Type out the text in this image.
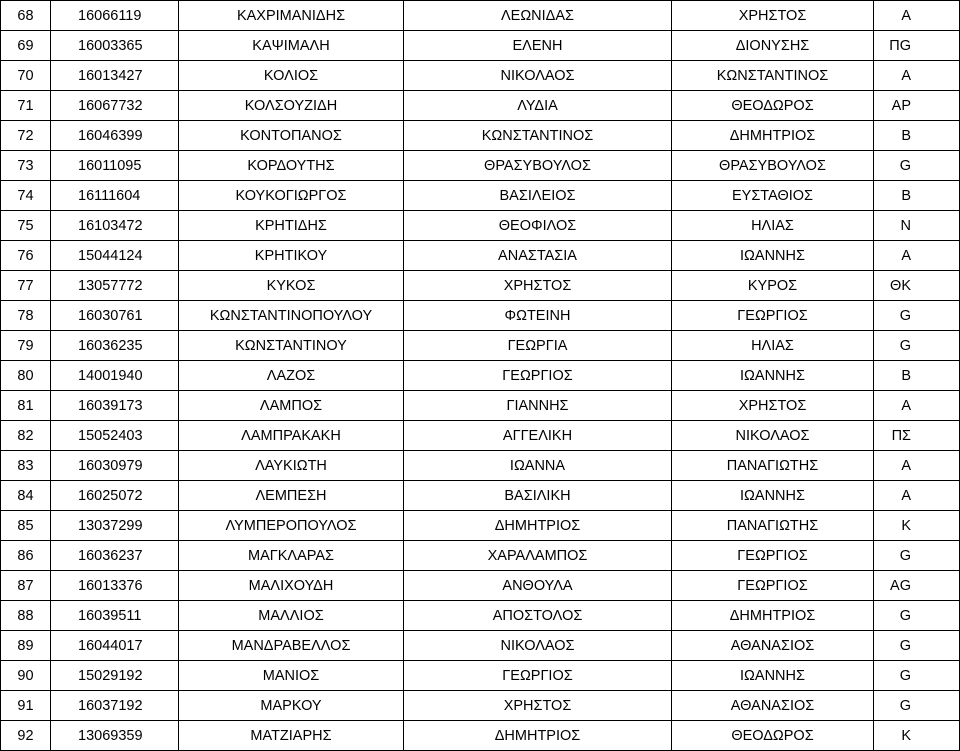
68	16066119	ΚΑΧΡΙΜΑΝΙΔΗΣ	ΛΕΩΝΙΔΑΣ	ΧΡΗΣΤΟΣ	A
69	16003365	ΚΑΨΙΜΑΛΗ	ΕΛΕΝΗ	ΔΙΟΝΥΣΗΣ	ΠG
70	16013427	ΚΟΛΙΟΣ	ΝΙΚΟΛΑΟΣ	ΚΩΝΣΤΑΝΤΙΝΟΣ	A
71	16067732	ΚΟΛΣΟΥΖΙΔΗ	ΛΥΔΙΑ	ΘΕΟΔΩΡΟΣ	AP
72	16046399	ΚΟΝΤΟΠΑΝΟΣ	ΚΩΝΣΤΑΝΤΙΝΟΣ	ΔΗΜΗΤΡΙΟΣ	B
73	16011095	ΚΟΡΔΟΥΤΗΣ	ΘΡΑΣΥΒΟΥΛΟΣ	ΘΡΑΣΥΒΟΥΛΟΣ	G
74	16111604	ΚΟΥΚΟΓΙΩΡΓΟΣ	ΒΑΣΙΛΕΙΟΣ	ΕΥΣΤΑΘΙΟΣ	B
75	16103472	ΚΡΗΤΙΔΗΣ	ΘΕΟΦΙΛΟΣ	ΗΛΙΑΣ	N
76	15044124	ΚΡΗΤΙΚΟΥ	ΑΝΑΣΤΑΣΙΑ	ΙΩΑΝΝΗΣ	A
77	13057772	ΚΥΚΟΣ	ΧΡΗΣΤΟΣ	ΚΥΡΟΣ	ΘΚ
78	16030761	ΚΩΝΣΤΑΝΤΙΝΟΠΟΥΛΟΥ	ΦΩΤΕΙΝΗ	ΓΕΩΡΓΙΟΣ	G
79	16036235	ΚΩΝΣΤΑΝΤΙΝΟΥ	ΓΕΩΡΓΙΑ	ΗΛΙΑΣ	G
80	14001940	ΛΑΖΟΣ	ΓΕΩΡΓΙΟΣ	ΙΩΑΝΝΗΣ	B
81	16039173	ΛΑΜΠΟΣ	ΓΙΑΝΝΗΣ	ΧΡΗΣΤΟΣ	A
82	15052403	ΛΑΜΠΡΑΚΑΚΗ	ΑΓΓΕΛΙΚΗ	ΝΙΚΟΛΑΟΣ	ΠΣ
83	16030979	ΛΑΥΚΙΩΤΗ	ΙΩΑΝΝΑ	ΠΑΝΑΓΙΩΤΗΣ	A
84	16025072	ΛΕΜΠΕΣΗ	ΒΑΣΙΛΙΚΗ	ΙΩΑΝΝΗΣ	A
85	13037299	ΛΥΜΠΕΡΟΠΟΥΛΟΣ	ΔΗΜΗΤΡΙΟΣ	ΠΑΝΑΓΙΩΤΗΣ	K
86	16036237	ΜΑΓΚΛΑΡΑΣ	ΧΑΡΑΛΑΜΠΟΣ	ΓΕΩΡΓΙΟΣ	G
87	16013376	ΜΑΛΙΧΟΥΔΗ	ΑΝΘΟΥΛΑ	ΓΕΩΡΓΙΟΣ	AG
88	16039511	ΜΑΛΛΙΟΣ	ΑΠΟΣΤΟΛΟΣ	ΔΗΜΗΤΡΙΟΣ	G
89	16044017	ΜΑΝΔΡΑΒΕΛΛΟΣ	ΝΙΚΟΛΑΟΣ	ΑΘΑΝΑΣΙΟΣ	G
90	15029192	ΜΑΝΙΟΣ	ΓΕΩΡΓΙΟΣ	ΙΩΑΝΝΗΣ	G
91	16037192	ΜΑΡΚΟΥ	ΧΡΗΣΤΟΣ	ΑΘΑΝΑΣΙΟΣ	G
92	13069359	ΜΑΤΖΙΑΡΗΣ	ΔΗΜΗΤΡΙΟΣ	ΘΕΟΔΩΡΟΣ	K
